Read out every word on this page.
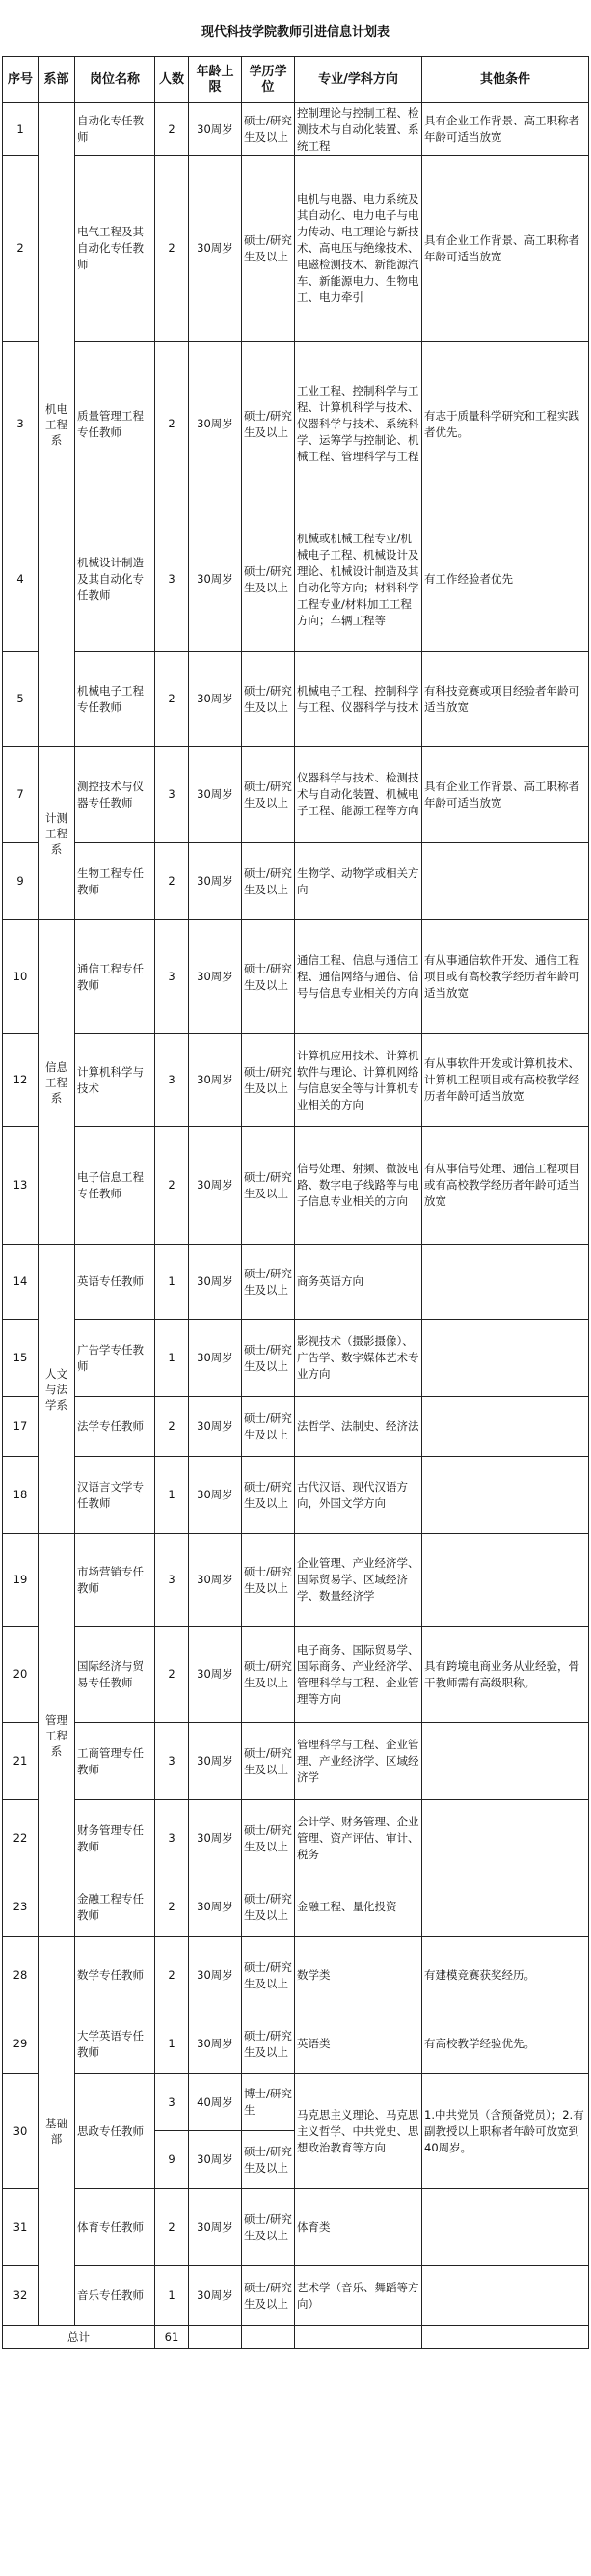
现代科技学院教师引进信息计划表
序号	系部	岗位名称	人数	年龄上限	学历学位	专业/学科方向	其他条件
1	机电工程系	自动化专任教师	2	30周岁	硕士/研究生及以上	控制理论与控制工程、检测技术与自动化装置、系统工程	具有企业工作背景、高工职称者年龄可适当放宽
2		电气工程及其自动化专任教师	2	30周岁	硕士/研究生及以上	电机与电器、电力系统及其自动化、电力电子与电力传动、电工理论与新技术、高电压与绝缘技术、电磁检测技术、新能源汽车、新能源电力、生物电工、电力牵引	具有企业工作背景、高工职称者年龄可适当放宽
3		质量管理工程专任教师	2	30周岁	硕士/研究生及以上	工业工程、控制科学与工程、计算机科学与技术、仪器科学与技术、系统科学、运筹学与控制论、机械工程、管理科学与工程	有志于质量科学研究和工程实践者优先。
4		机械设计制造及其自动化专任教师	3	30周岁	硕士/研究生及以上	机械或机械工程专业/机械电子工程、机械设计及理论、机械设计制造及其自动化等方向；材料科学工程专业/材料加工工程方向；车辆工程等	有工作经验者优先
5		机械电子工程专任教师	2	30周岁	硕士/研究生及以上	机械电子工程、控制科学与工程、仪器科学与技术	有科技竞赛或项目经验者年龄可适当放宽
7	计测工程系	测控技术与仪器专任教师	3	30周岁	硕士/研究生及以上	仪器科学与技术、检测技术与自动化装置、机械电子工程、能源工程等方向	具有企业工作背景、高工职称者年龄可适当放宽
9		生物工程专任教师	2	30周岁	硕士/研究生及以上	生物学、动物学或相关方向	
10	信息工程系	通信工程专任教师	3	30周岁	硕士/研究生及以上	通信工程、信息与通信工程、通信网络与通信、信号与信息专业相关的方向	有从事通信软件开发、通信工程项目或有高校教学经历者年龄可适当放宽
12		计算机科学与技术	3	30周岁	硕士/研究生及以上	计算机应用技术、计算机软件与理论、计算机网络与信息安全等与计算机专业相关的方向	有从事软件开发或计算机技术、计算机工程项目或有高校教学经历者年龄可适当放宽
13		电子信息工程专任教师	2	30周岁	硕士/研究生及以上	信号处理、射频、微波电路、数字电子线路等与电子信息专业相关的方向	有从事信号处理、通信工程项目或有高校教学经历者年龄可适当放宽
14	人文与法学系	英语专任教师	1	30周岁	硕士/研究生及以上	商务英语方向	
15		广告学专任教师	1	30周岁	硕士/研究生及以上	影视技术（摄影摄像）、广告学、数字媒体艺术专业方向	
17		法学专任教师	2	30周岁	硕士/研究生及以上	法哲学、法制史、经济法	
18		汉语言文学专任教师	1	30周岁	硕士/研究生及以上	古代汉语、现代汉语方向，外国文学方向	
19	管理工程系	市场营销专任教师	3	30周岁	硕士/研究生及以上	企业管理、产业经济学、国际贸易学、区域经济学、数量经济学	
20		国际经济与贸易专任教师	2	30周岁	硕士/研究生及以上	电子商务、国际贸易学、国际商务、产业经济学、管理科学与工程、企业管理等方向	具有跨境电商业务从业经验，骨干教师需有高级职称。
21		工商管理专任教师	3	30周岁	硕士/研究生及以上	管理科学与工程、企业管理、产业经济学、区域经济学	
22		财务管理专任教师	3	30周岁	硕士/研究生及以上	会计学、财务管理、企业管理、资产评估、审计、税务	
23		金融工程专任教师	2	30周岁	硕士/研究生及以上	金融工程、量化投资	
28	基础部	数学专任教师	2	30周岁	硕士/研究生及以上	数学类	有建模竞赛获奖经历。
29		大学英语专任教师	1	30周岁	硕士/研究生及以上	英语类	有高校教学经验优先。
30		思政专任教师	3	40周岁	博士/研究生	马克思主义理论、马克思主义哲学、中共党史、思想政治教育等方向	1.中共党员（含预备党员）；2.有副教授以上职称者年龄可放宽到40周岁。
			9	30周岁	硕士/研究生及以上		
31		体育专任教师	2	30周岁	硕士/研究生及以上	体育类	
32		音乐专任教师	1	30周岁	硕士/研究生及以上	艺术学（音乐、舞蹈等方向）	
总计			61				
